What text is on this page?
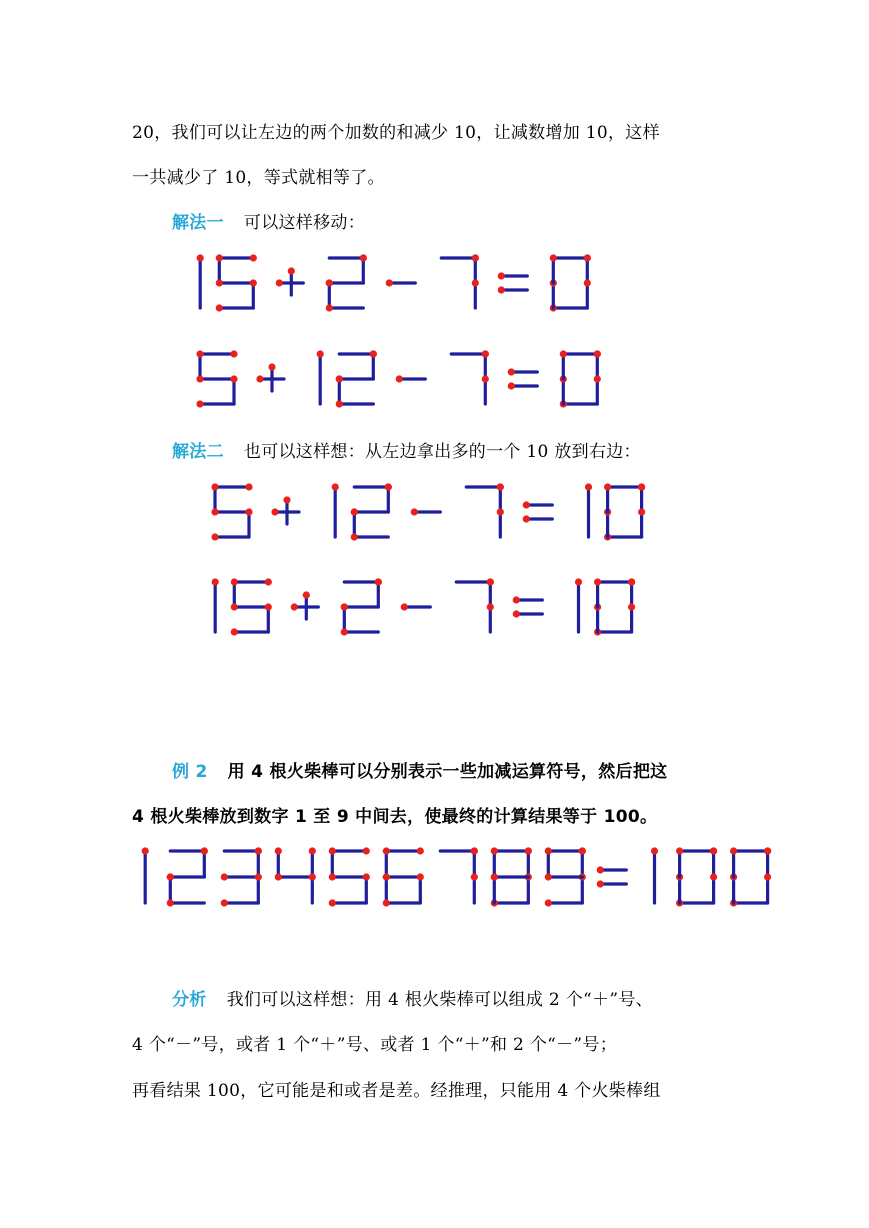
20，我们可以让左边的两个加数的和减少 10，让减数增加 10，这样
一共减少了 10，等式就相等了。
解法一 可以这样移动：
解法二 也可以这样想：从左边拿出多的一个 10 放到右边：
例 2 用 4 根火柴棒可以分别表示一些加减运算符号，然后把这
4 根火柴棒放到数字 1 至 9 中间去，使最终的计算结果等于 100。
分析 我们可以这样想：用 4 根火柴棒可以组成 2 个“＋”号、
4 个“－”号，或者 1 个“＋”号、或者 1 个“＋”和 2 个“－”号；
再看结果 100，它可能是和或者是差。经推理，只能用 4 个火柴棒组
